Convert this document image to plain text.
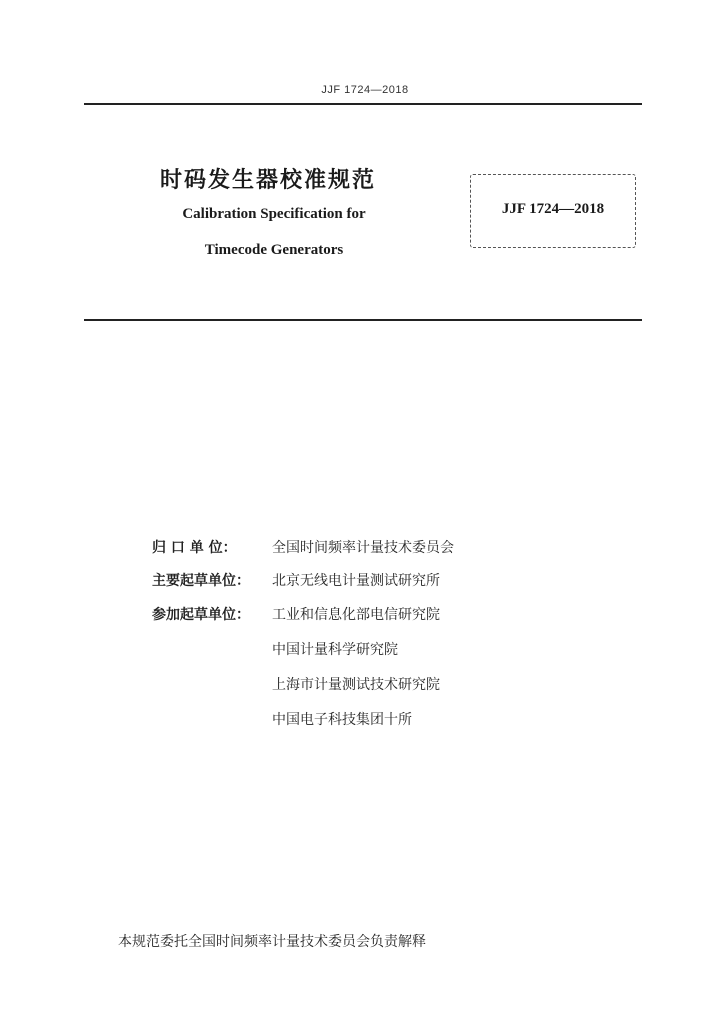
JJF 1724—2018
时码发生器校准规范
Calibration Specification for
Timecode Generators
JJF 1724—2018
归 口 单 位：	全国时间频率计量技术委员会
主要起草单位： 北京无线电计量测试研究所
参加起草单位： 工业和信息化部电信研究院
中国计量科学研究院
上海市计量测试技术研究院
中国电子科技集团十所
本规范委托全国时间频率计量技术委员会负责解释
